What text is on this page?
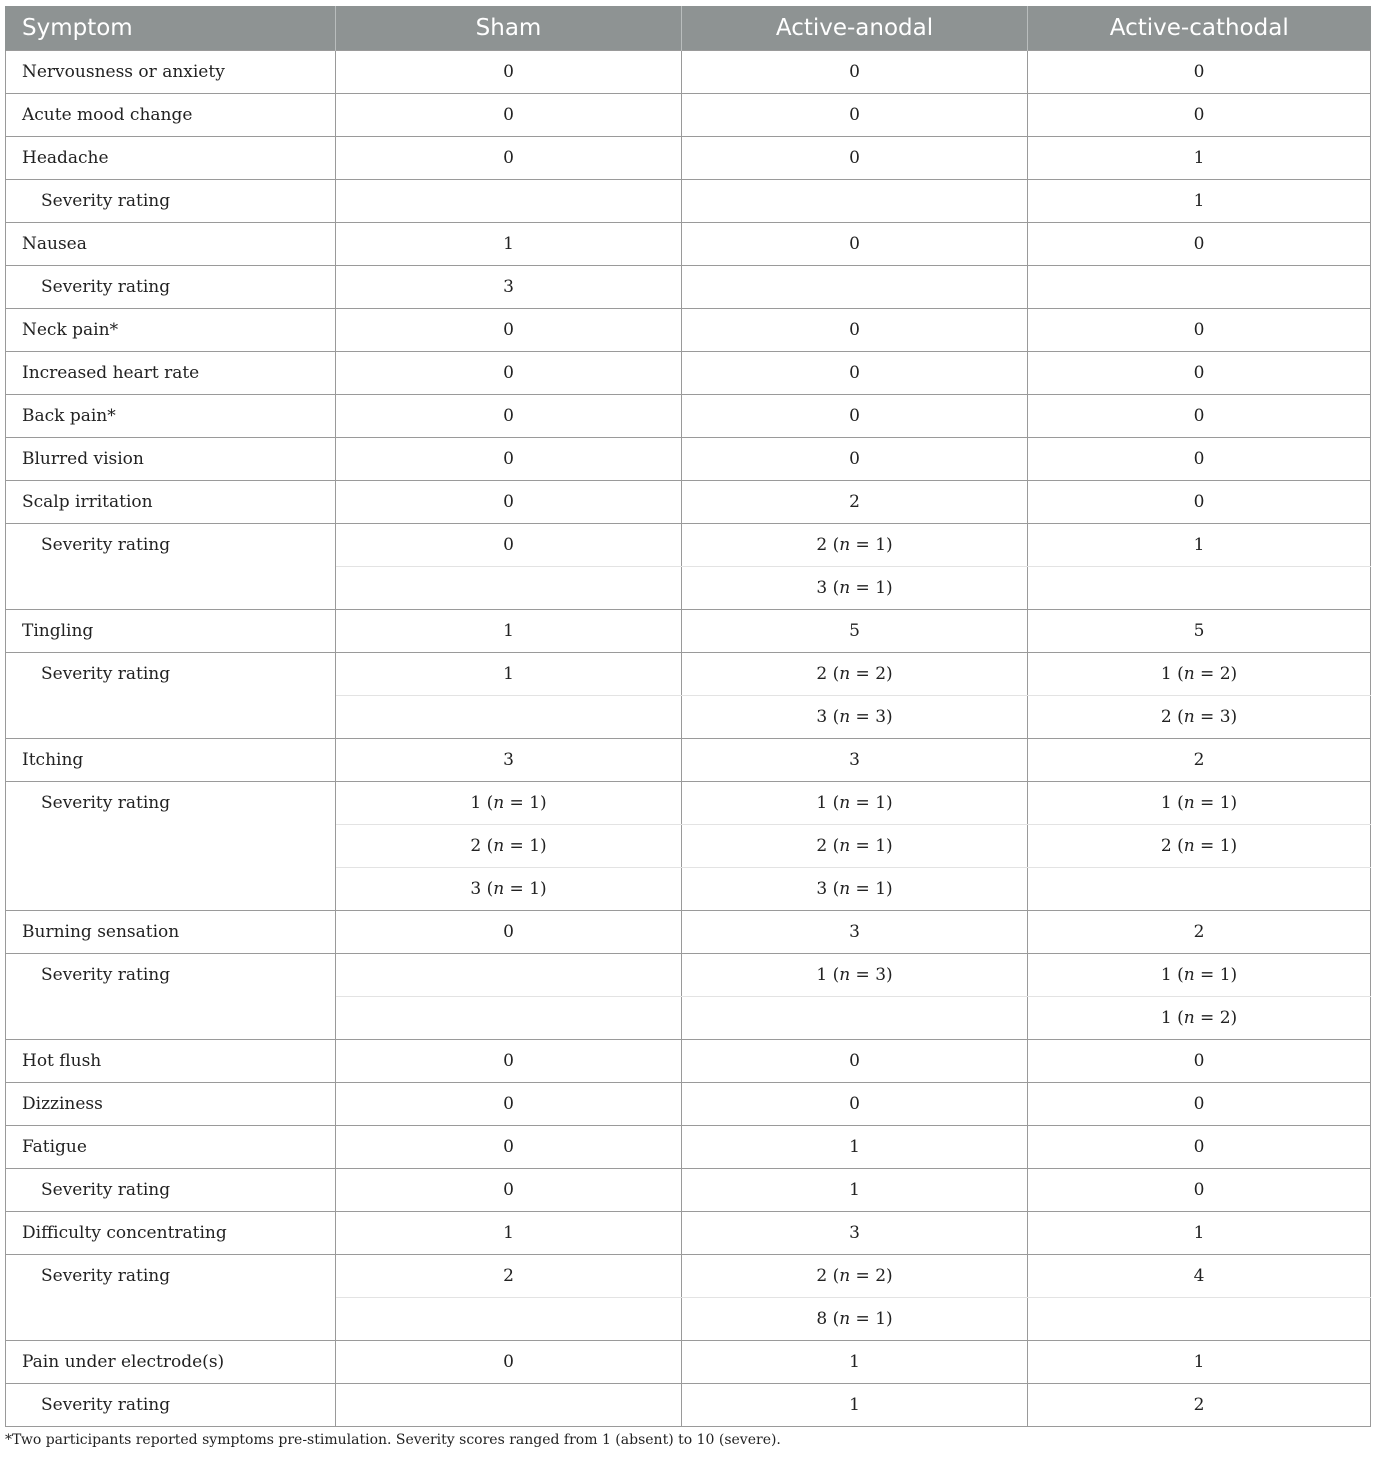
Symptom	Sham	Active-anodal	Active-cathodal
Nervousness or anxiety	0	0	0
Acute mood change	0	0	0
Headache	0	0	1
Severity rating			1
Nausea	1	0	0
Severity rating	3		
Neck pain*	0	0	0
Increased heart rate	0	0	0
Back pain*	0	0	0
Blurred vision	0	0	0
Scalp irritation	0	2	0
Severity rating	0	2 (n = 1)	1
		3 (n = 1)	
Tingling	1	5	5
Severity rating	1	2 (n = 2)	1 (n = 2)
		3 (n = 3)	2 (n = 3)
Itching	3	3	2
Severity rating	1 (n = 1)	1 (n = 1)	1 (n = 1)
	2 (n = 1)	2 (n = 1)	2 (n = 1)
	3 (n = 1)	3 (n = 1)	
Burning sensation	0	3	2
Severity rating		1 (n = 3)	1 (n = 1)
			1 (n = 2)
Hot flush	0	0	0
Dizziness	0	0	0
Fatigue	0	1	0
Severity rating	0	1	0
Difficulty concentrating	1	3	1
Severity rating	2	2 (n = 2)	4
		8 (n = 1)	
Pain under electrode(s)	0	1	1
Severity rating		1	2
*Two participants reported symptoms pre-stimulation. Severity scores ranged from 1 (absent) to 10 (severe).
